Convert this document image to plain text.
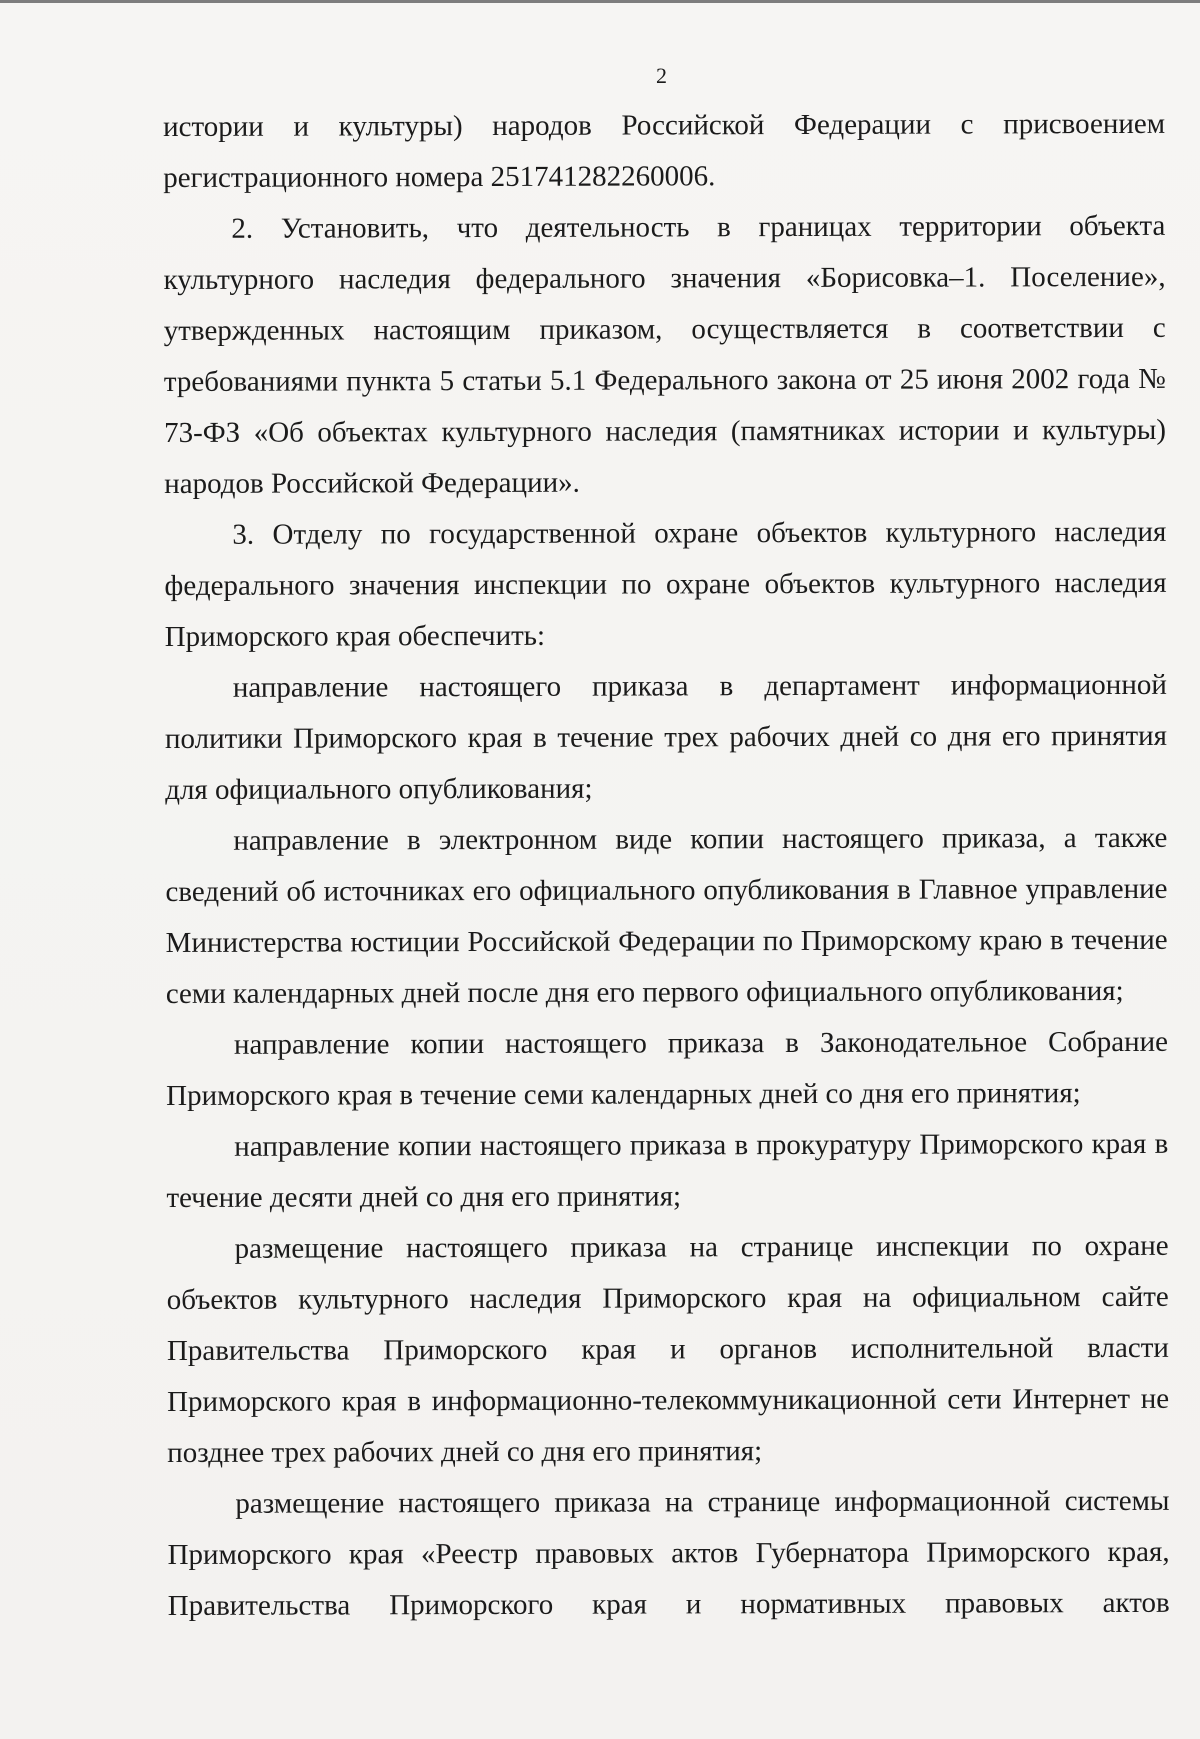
2

истории и культуры) народов Российской Федерации с присвоением регистрационного номера 251741282260006.

2. Установить, что деятельность в границах территории объекта культурного наследия федерального значения «Борисовка–1. Поселение», утвержденных настоящим приказом, осуществляется в соответствии с требованиями пункта 5 статьи 5.1 Федерального закона от 25 июня 2002 года № 73-ФЗ «Об объектах культурного наследия (памятниках истории и культуры) народов Российской Федерации».

3. Отделу по государственной охране объектов культурного наследия федерального значения инспекции по охране объектов культурного наследия Приморского края обеспечить:

направление настоящего приказа в департамент информационной политики Приморского края в течение трех рабочих дней со дня его принятия для официального опубликования;

направление в электронном виде копии настоящего приказа, а также сведений об источниках его официального опубликования в Главное управление Министерства юстиции Российской Федерации по Приморскому краю в течение семи календарных дней после дня его первого официального опубликования;

направление копии настоящего приказа в Законодательное Собрание Приморского края в течение семи календарных дней со дня его принятия;

направление копии настоящего приказа в прокуратуру Приморского края в течение десяти дней со дня его принятия;

размещение настоящего приказа на странице инспекции по охране объектов культурного наследия Приморского края на официальном сайте Правительства Приморского края и органов исполнительной власти Приморского края в информационно-телекоммуникационной сети Интернет не позднее трех рабочих дней со дня его принятия;

размещение настоящего приказа на странице информационной системы Приморского края «Реестр правовых актов Губернатора Приморского края, Правительства Приморского края и нормативных правовых актов
